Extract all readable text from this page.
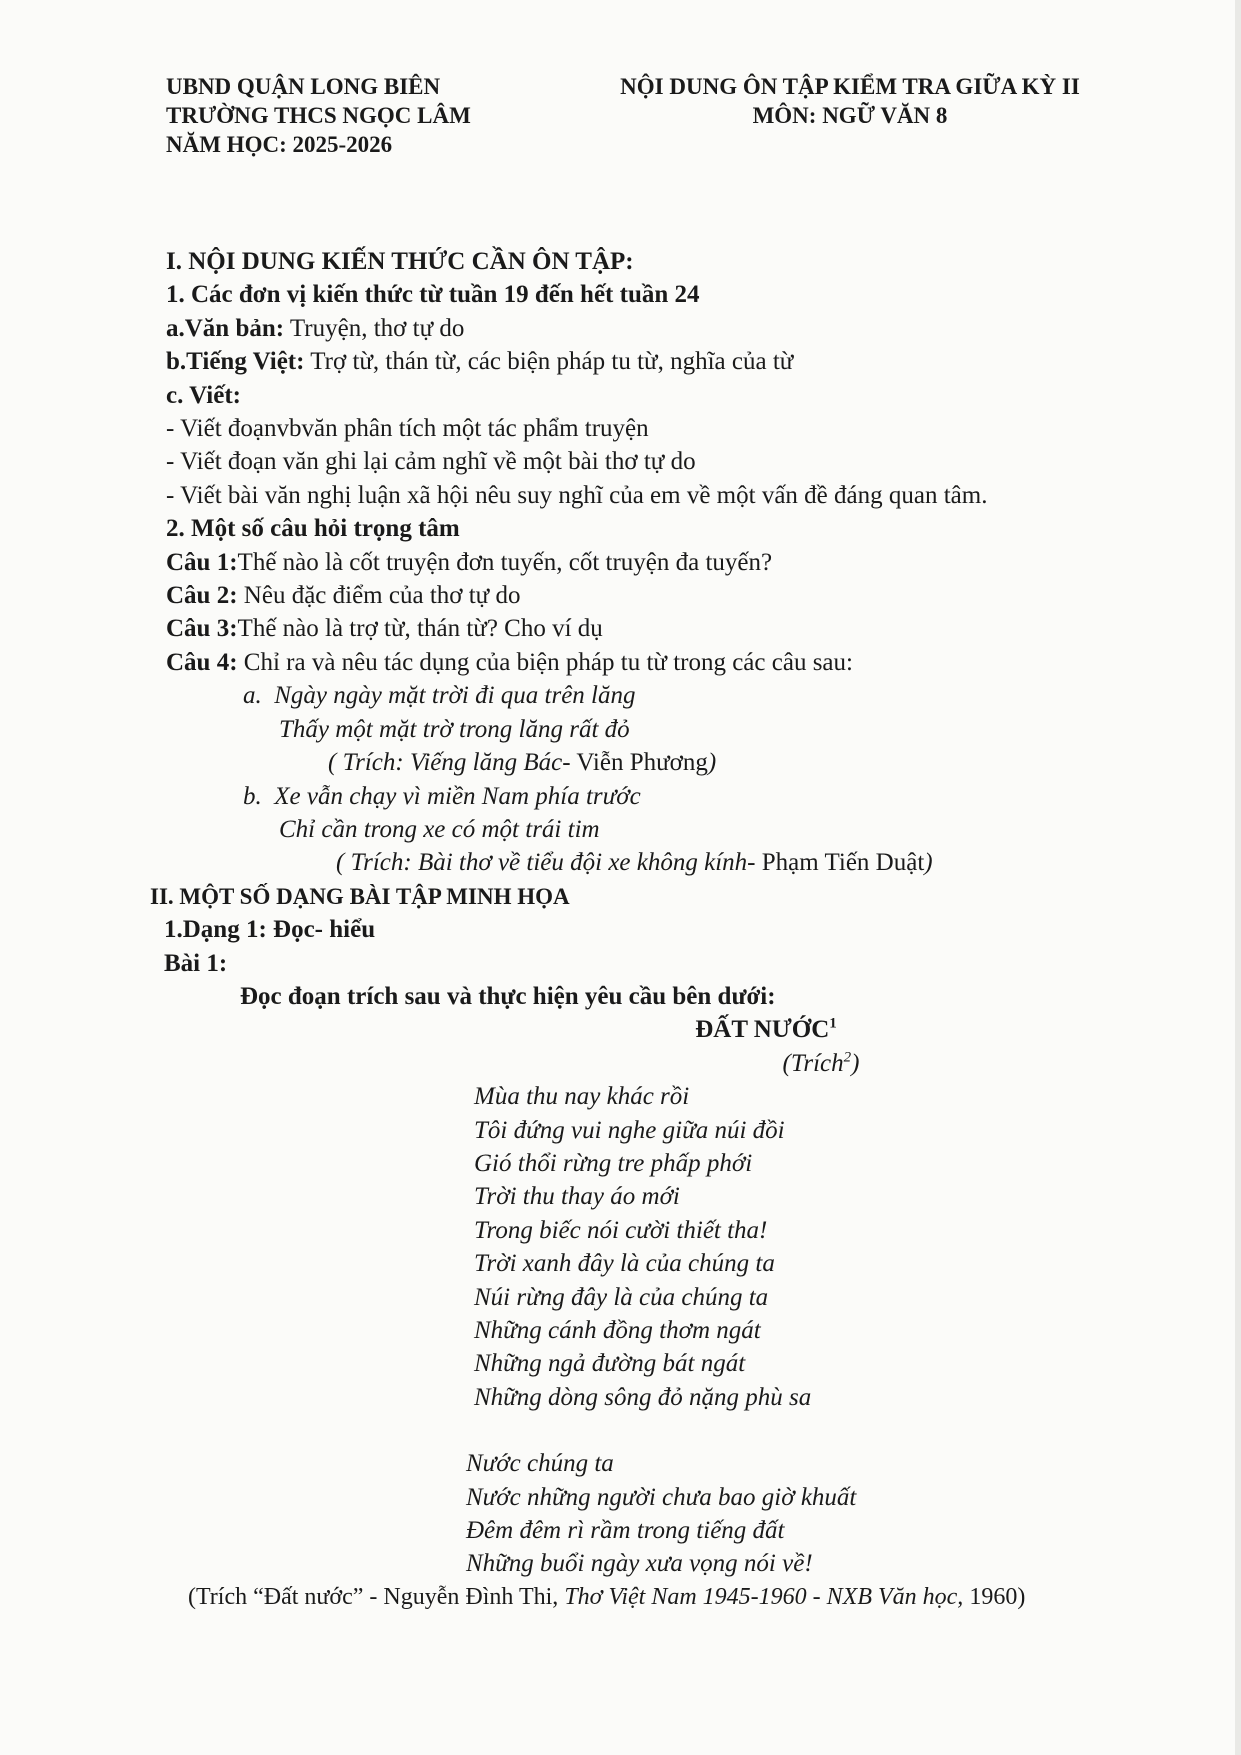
UBND QUẬN LONG BIÊN
TRƯỜNG THCS NGỌC LÂM
NĂM HỌC: 2025-2026
NỘI DUNG ÔN TẬP KIỂM TRA GIỮA KỲ II
MÔN: NGỮ VĂN 8
I. NỘI DUNG KIẾN THỨC CẦN ÔN TẬP:
1. Các đơn vị kiến thức từ tuần 19 đến hết tuần 24
a.Văn bản: Truyện, thơ tự do
b.Tiếng Việt: Trợ từ, thán từ, các biện pháp tu từ, nghĩa của từ
c. Viết:
- Viết đoạnvbvăn phân tích một tác phẩm truyện
- Viết đoạn văn ghi lại cảm nghĩ về một bài thơ tự do
- Viết bài văn nghị luận xã hội nêu suy nghĩ của em về một vấn đề đáng quan tâm.
2. Một số câu hỏi trọng tâm
Câu 1:Thế nào là cốt truyện đơn tuyến, cốt truyện đa tuyến?
Câu 2: Nêu đặc điểm của thơ tự do
Câu 3:Thế nào là trợ từ, thán từ? Cho ví dụ
Câu 4: Chỉ ra và nêu tác dụng của biện pháp tu từ trong các câu sau:
a. Ngày ngày mặt trời đi qua trên lăng
Thấy một mặt trờ trong lăng rất đỏ
( Trích: Viếng lăng Bác- Viễn Phương)
b. Xe vẫn chạy vì miền Nam phía trước
Chỉ cần trong xe có một trái tim
( Trích: Bài thơ về tiểu đội xe không kính- Phạm Tiến Duật)
II. MỘT SỐ DẠNG BÀI TẬP MINH HỌA
1.Dạng 1: Đọc- hiểu
Bài 1:
Đọc đoạn trích sau và thực hiện yêu cầu bên dưới:
ĐẤT NƯỚC$^1$
(Trích$^2$)
Mùa thu nay khác rồi
Tôi đứng vui nghe giữa núi đồi
Gió thổi rừng tre phấp phới
Trời thu thay áo mới
Trong biếc nói cười thiết tha!
Trời xanh đây là của chúng ta
Núi rừng đây là của chúng ta
Những cánh đồng thơm ngát
Những ngả đường bát ngát
Những dòng sông đỏ nặng phù sa
Nước chúng ta
Nước những người chưa bao giờ khuất
Đêm đêm rì rầm trong tiếng đất
Những buổi ngày xưa vọng nói về!
(Trích “Đất nước” - Nguyễn Đình Thi, Thơ Việt Nam 1945-1960 - NXB Văn học, 1960)
